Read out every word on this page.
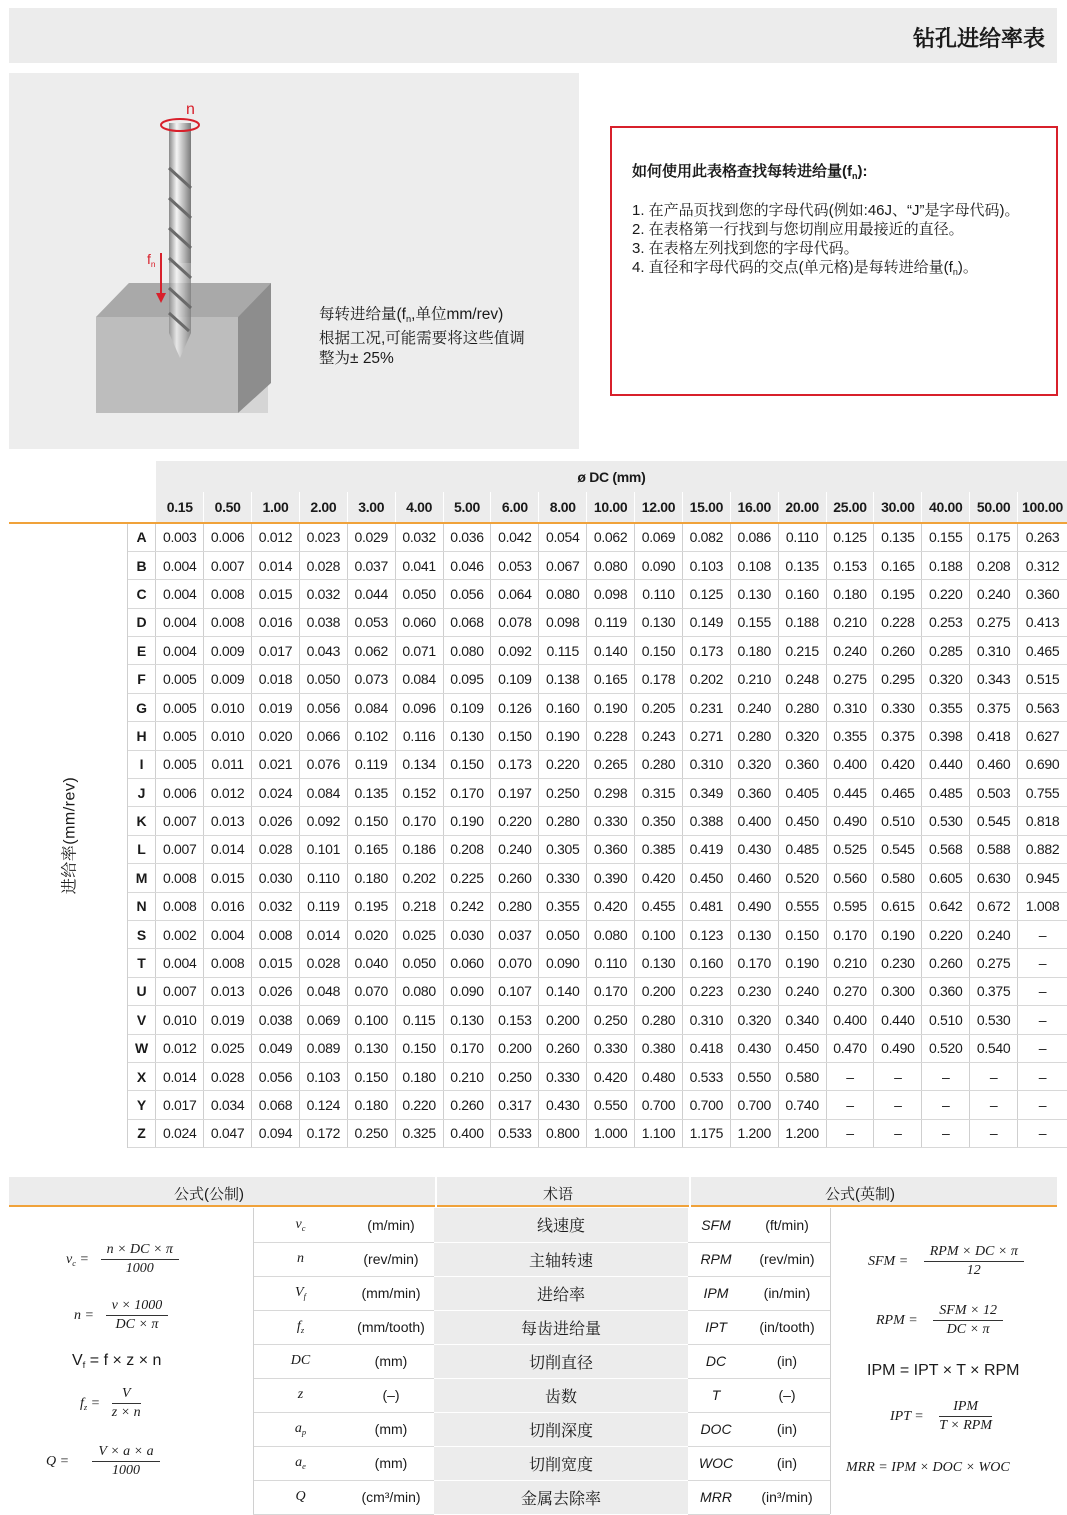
钻孔进给率表
n
$f_n$
每转进给量($f_n$,单位mm/rev)
根据工况,可能需要将这些值调
整为± 25%
如何使用此表格查找每转进给量$(f_n)$:
1. 在产品页找到您的字母代码(例如:46J、“J”是字母代码)。
2. 在表格第一行找到与您切削应用最接近的直径。
3. 在表格左列找到您的字母代码。
4. 直径和字母代码的交点(单元格)是每转进给量$(f_n)$。
		ø DC (mm)																		
		0.15	0.50	1.00	2.00	3.00	4.00	5.00	6.00	8.00	10.00	12.00	15.00	16.00	20.00	25.00	30.00	40.00	50.00	100.00
进给率(mm/rev)	A	0.003	0.006	0.012	0.023	0.029	0.032	0.036	0.042	0.054	0.062	0.069	0.082	0.086	0.110	0.125	0.135	0.155	0.175	0.263
	B	0.004	0.007	0.014	0.028	0.037	0.041	0.046	0.053	0.067	0.080	0.090	0.103	0.108	0.135	0.153	0.165	0.188	0.208	0.312
	C	0.004	0.008	0.015	0.032	0.044	0.050	0.056	0.064	0.080	0.098	0.110	0.125	0.130	0.160	0.180	0.195	0.220	0.240	0.360
	D	0.004	0.008	0.016	0.038	0.053	0.060	0.068	0.078	0.098	0.119	0.130	0.149	0.155	0.188	0.210	0.228	0.253	0.275	0.413
	E	0.004	0.009	0.017	0.043	0.062	0.071	0.080	0.092	0.115	0.140	0.150	0.173	0.180	0.215	0.240	0.260	0.285	0.310	0.465
	F	0.005	0.009	0.018	0.050	0.073	0.084	0.095	0.109	0.138	0.165	0.178	0.202	0.210	0.248	0.275	0.295	0.320	0.343	0.515
	G	0.005	0.010	0.019	0.056	0.084	0.096	0.109	0.126	0.160	0.190	0.205	0.231	0.240	0.280	0.310	0.330	0.355	0.375	0.563
	H	0.005	0.010	0.020	0.066	0.102	0.116	0.130	0.150	0.190	0.228	0.243	0.271	0.280	0.320	0.355	0.375	0.398	0.418	0.627
	I	0.005	0.011	0.021	0.076	0.119	0.134	0.150	0.173	0.220	0.265	0.280	0.310	0.320	0.360	0.400	0.420	0.440	0.460	0.690
	J	0.006	0.012	0.024	0.084	0.135	0.152	0.170	0.197	0.250	0.298	0.315	0.349	0.360	0.405	0.445	0.465	0.485	0.503	0.755
	K	0.007	0.013	0.026	0.092	0.150	0.170	0.190	0.220	0.280	0.330	0.350	0.388	0.400	0.450	0.490	0.510	0.530	0.545	0.818
	L	0.007	0.014	0.028	0.101	0.165	0.186	0.208	0.240	0.305	0.360	0.385	0.419	0.430	0.485	0.525	0.545	0.568	0.588	0.882
	M	0.008	0.015	0.030	0.110	0.180	0.202	0.225	0.260	0.330	0.390	0.420	0.450	0.460	0.520	0.560	0.580	0.605	0.630	0.945
	N	0.008	0.016	0.032	0.119	0.195	0.218	0.242	0.280	0.355	0.420	0.455	0.481	0.490	0.555	0.595	0.615	0.642	0.672	1.008
	S	0.002	0.004	0.008	0.014	0.020	0.025	0.030	0.037	0.050	0.080	0.100	0.123	0.130	0.150	0.170	0.190	0.220	0.240	–
	T	0.004	0.008	0.015	0.028	0.040	0.050	0.060	0.070	0.090	0.110	0.130	0.160	0.170	0.190	0.210	0.230	0.260	0.275	–
	U	0.007	0.013	0.026	0.048	0.070	0.080	0.090	0.107	0.140	0.170	0.200	0.223	0.230	0.240	0.270	0.300	0.360	0.375	–
	V	0.010	0.019	0.038	0.069	0.100	0.115	0.130	0.153	0.200	0.250	0.280	0.310	0.320	0.340	0.400	0.440	0.510	0.530	–
	W	0.012	0.025	0.049	0.089	0.130	0.150	0.170	0.200	0.260	0.330	0.380	0.418	0.430	0.450	0.470	0.490	0.520	0.540	–
	X	0.014	0.028	0.056	0.103	0.150	0.180	0.210	0.250	0.330	0.420	0.480	0.533	0.550	0.580	–	–	–	–	–
	Y	0.017	0.034	0.068	0.124	0.180	0.220	0.260	0.317	0.430	0.550	0.700	0.700	0.700	0.740	–	–	–	–	–
	Z	0.024	0.047	0.094	0.172	0.250	0.325	0.400	0.533	0.800	1.000	1.100	1.175	1.200	1.200	–	–	–	–	–
公式(公制)	术语	公式(英制)
$v_c$	(m/min)	线速度	SFM	(ft/min)
n	(rev/min)	主轴转速	RPM	(rev/min)
$V_f$	(mm/min)	进给率	IPM	(in/min)
$f_z$	(mm/tooth)	每齿进给量	IPT	(in/tooth)
DC	(mm)	切削直径	DC	(in)
z	(–)	齿数	T	(–)
$a_p$	(mm)	切削深度	DOC	(in)
$a_e$	(mm)	切削宽度	WOC	(in)
Q	(cm³/min)	金属去除率	MRR	(in³/min)
$v_c = \frac{n \times DC \times \pi}{1000}$
$n = \frac{v \times 1000}{DC \times \pi}$
$V_f = f \times z \times n$
$f_z = \frac{V}{z \times n}$
$Q = \frac{V \times a \times a}{1000}$
SFM = $\frac{\text{RPM × DC × π}}{12}$
RPM = $\frac{\text{SFM × 12}}{DC \times \pi}$
IPM = IPT × T × RPM
IPT = $\frac{\text{IPM}}{\text{T × RPM}}$
MRR = IPM × DOC × WOC
